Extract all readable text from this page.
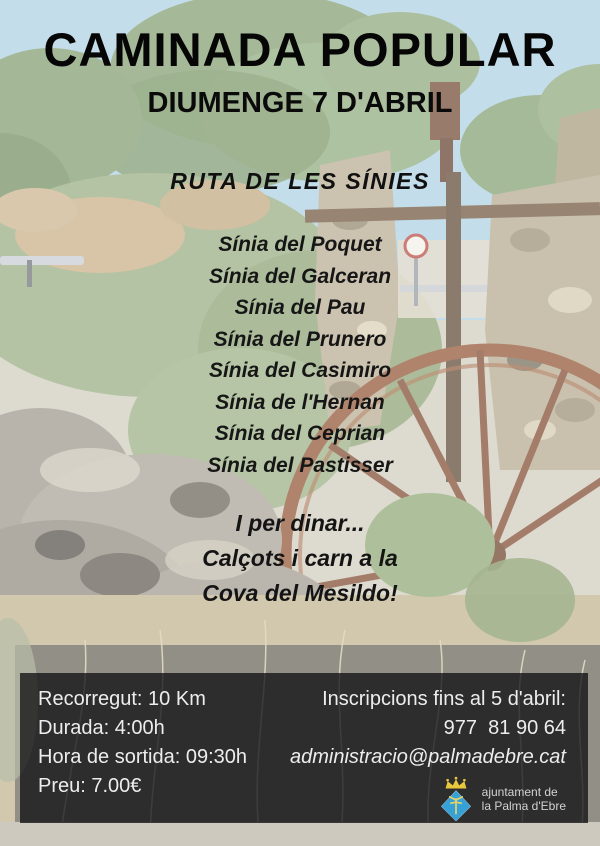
CAMINADA POPULAR
DIUMENGE 7 D'ABRIL
RUTA DE LES SÍNIES
Sínia del Poquet
Sínia del Galceran
Sínia del Pau
Sínia del Prunero
Sínia del Casimiro
Sínia de l'Hernan
Sínia del Ceprian
Sínia del Pastisser
I per dinar...
Calçots i carn a la
Cova del Mesildo!
Recorregut: 10 Km
Durada: 4:00h
Hora de sortida: 09:30h
Preu: 7.00€
Inscripcions fins al 5 d'abril:
977  81 90 64
administracio@palmadebre.cat
ajuntament de
la Palma d'Ebre
